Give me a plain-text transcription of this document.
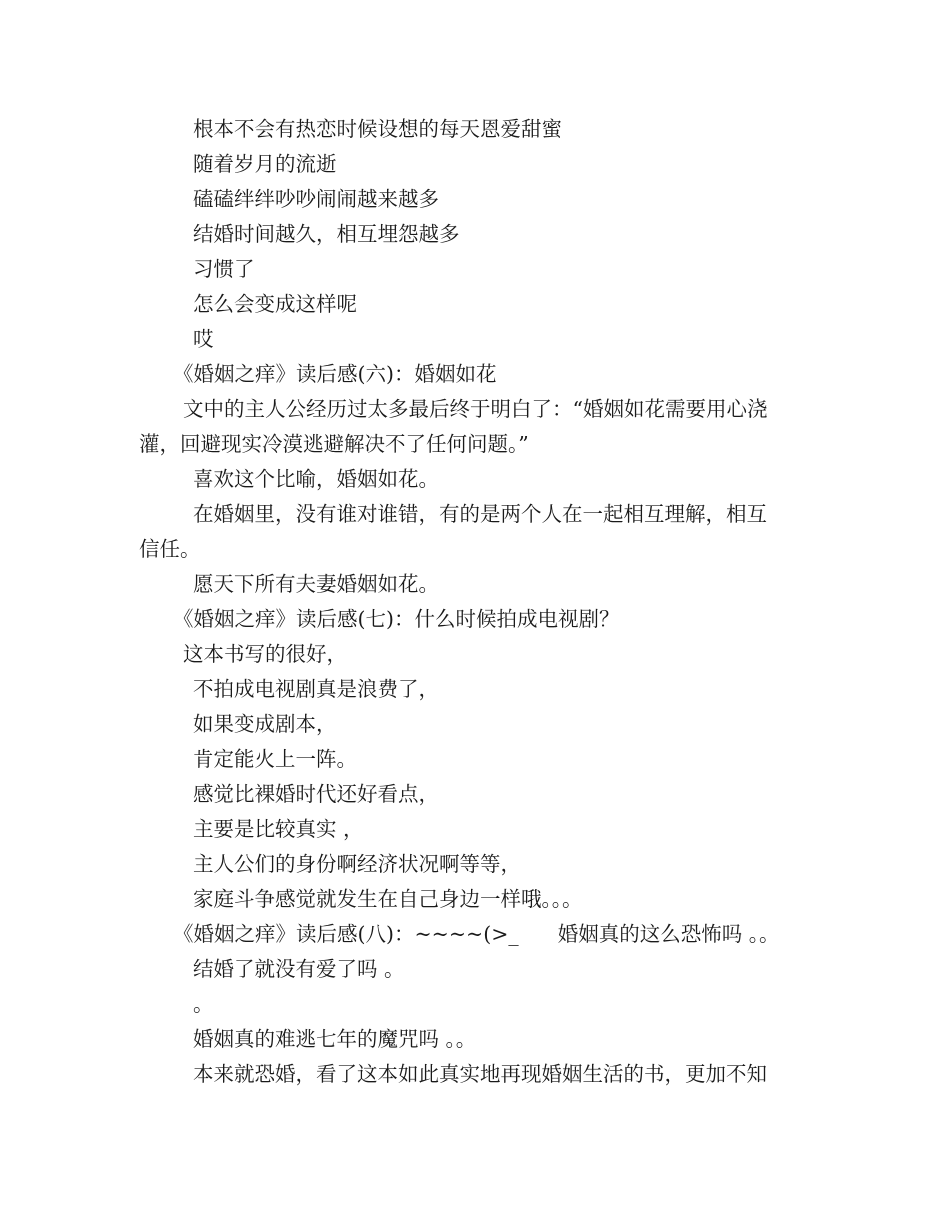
根本不会有热恋时候设想的每天恩爱甜蜜
随着岁月的流逝
磕磕绊绊吵吵闹闹越来越多
结婚时间越久，相互埋怨越多
习惯了
怎么会变成这样呢
哎
《婚姻之痒》读后感(六)：婚姻如花
文中的主人公经历过太多最后终于明白了：“婚姻如花需要用心浇
灌，回避现实冷漠逃避解决不了任何问题。”
喜欢这个比喻，婚姻如花。
在婚姻里，没有谁对谁错，有的是两个人在一起相互理解，相互
信任。
愿天下所有夫妻婚姻如花。
《婚姻之痒》读后感(七)：什么时候拍成电视剧？
这本书写的很好，
不拍成电视剧真是浪费了，
如果变成剧本，
肯定能火上一阵。
感觉比裸婚时代还好看点，
主要是比较真实 ，
主人公们的身份啊经济状况啊等等，
家庭斗争感觉就发生在自己身边一样哦。。。
《婚姻之痒》读后感(八)：~~~~(>_      婚姻真的这么恐怖吗 。。
结婚了就没有爱了吗 。
。
婚姻真的难逃七年的魔咒吗 。。
本来就恐婚，看了这本如此真实地再现婚姻生活的书，更加不知
